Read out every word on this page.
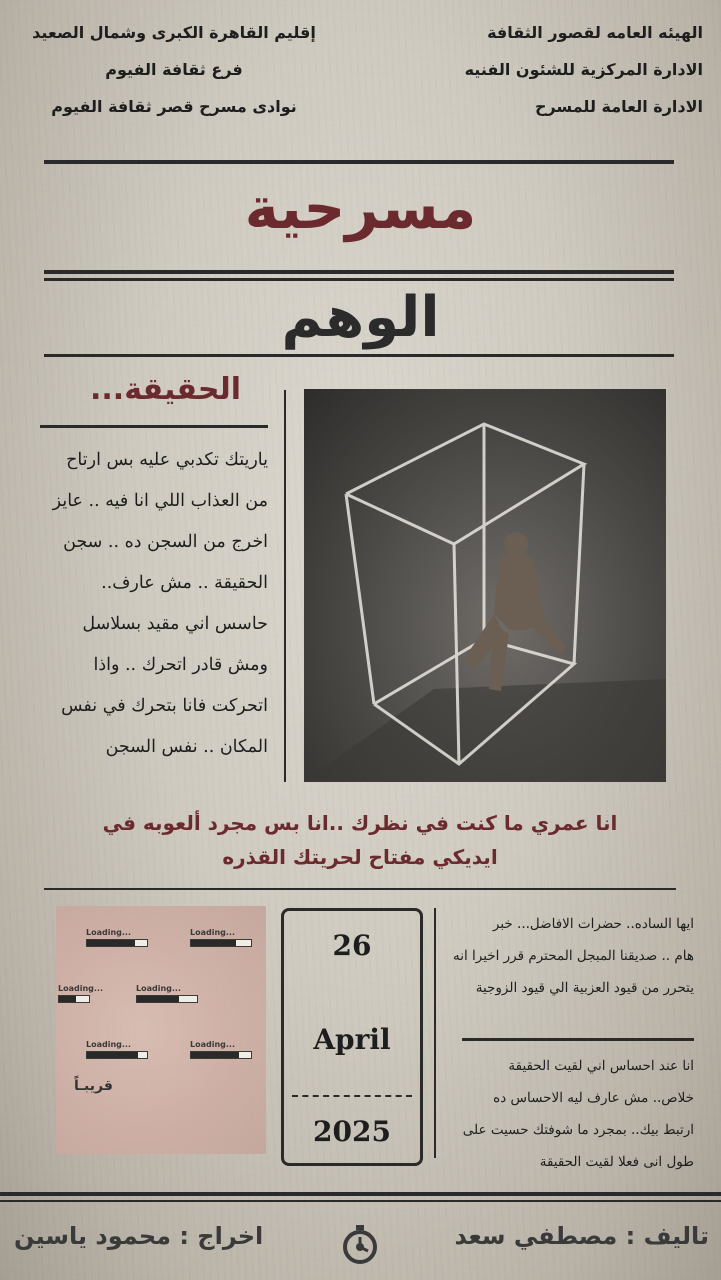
الهيئه العامه لقصور الثقافة
الادارة المركزية للشئون الفنيه
الادارة العامة للمسرح
إقليم القاهرة الكبرى وشمال الصعيد
فرع ثقافة الفيوم
نوادى مسرح قصر ثقافة الفيوم
مسرحية
الوهم
الحقيقة...
ياريتك تكدبي عليه بس ارتاح
من العذاب اللي انا فيه .. عايز
اخرج من السجن ده .. سجن
الحقيقة .. مش عارف..
حاسس اني مقيد بسلاسل
ومش قادر اتحرك .. واذا
اتحركت فانا بتحرك في نفس
المكان .. نفس السجن
انا عمري ما كنت في نظرك ..انا بس مجرد ألعوبه في
ايديكي مفتاح لحريتك القذره
Loading...	Loading...
Loading...	Loading...
Loading...	Loading...
قريبـاً
26
April
2025
ايها الساده.. حضرات الافاضل... خبر
هام .. صديقنا المبجل المحترم قرر اخيرا انه
يتحرر من قيود العزبية الي قيود الزوجية
انا عند احساس اني لقيت الحقيقة
خلاص.. مش عارف ليه الاحساس ده
ارتبط بيك.. بمجرد ما شوفتك حسيت على
طول انى فعلا لقيت الحقيقة
تاليف : مصطفي سعد
اخراج : محمود ياسين
